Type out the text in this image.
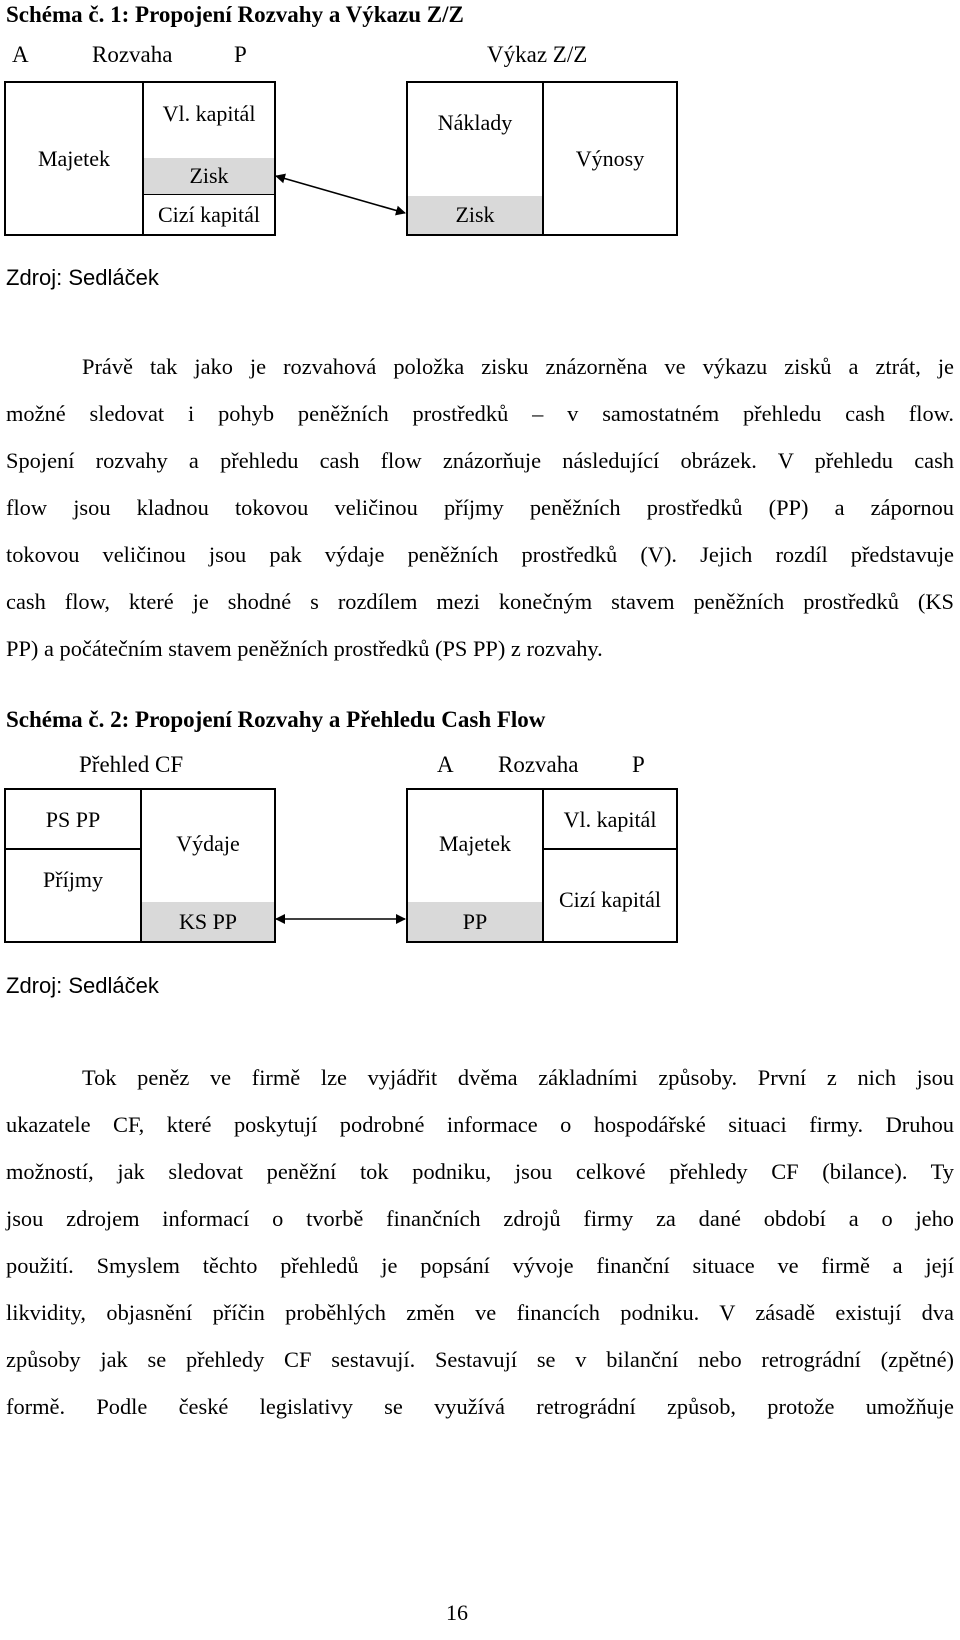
Schéma č. 1: Propojení Rozvahy a Výkazu Z/Z
A	Rozvaha	P	Výkaz Z/Z
Majetek
Vl. kapitál
Zisk
Cizí kapitál
Náklady
Zisk
Výnosy
Zdroj: Sedláček
Právě tak jako je rozvahová položka zisku znázorněna ve výkazu zisků a ztrát, je
možné sledovat i pohyb peněžních prostředků – v samostatném přehledu cash flow.
Spojení rozvahy a přehledu cash flow znázorňuje následující obrázek. V přehledu cash
flow jsou kladnou tokovou veličinou příjmy peněžních prostředků (PP) a zápornou
tokovou veličinou jsou pak výdaje peněžních prostředků (V). Jejich rozdíl představuje
cash flow, které je shodné s rozdílem mezi konečným stavem peněžních prostředků (KS
PP) a počátečním stavem peněžních prostředků (PS PP) z rozvahy.
Schéma č. 2: Propojení Rozvahy a Přehledu Cash Flow
Přehled CF	A Rozvaha P
PS PP
Příjmy
Výdaje
KS PP
Majetek
PP
Vl. kapitál
Cizí kapitál
Zdroj: Sedláček
Tok peněz ve firmě lze vyjádřit dvěma základními způsoby. První z nich jsou
ukazatele CF, které poskytují podrobné informace o hospodářské situaci firmy. Druhou
možností, jak sledovat peněžní tok podniku, jsou celkové přehledy CF (bilance). Ty
jsou zdrojem informací o tvorbě finančních zdrojů firmy za dané období a o jeho
použití. Smyslem těchto přehledů je popsání vývoje finanční situace ve firmě a její
likvidity, objasnění příčin proběhlých změn ve financích podniku. V zásadě existují dva
způsoby jak se přehledy CF sestavují. Sestavují se v bilanční nebo retrográdní (zpětné)
formě. Podle české legislativy se využívá retrográdní způsob, protože umožňuje
16
